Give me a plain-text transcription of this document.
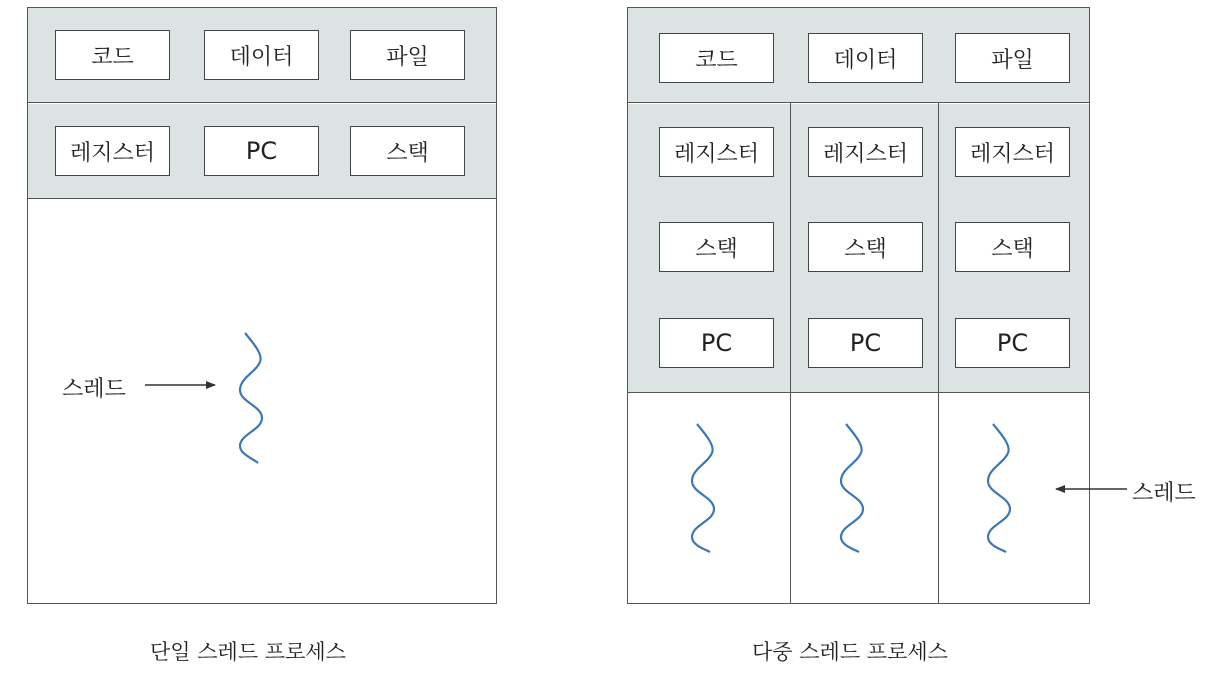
코드	데이터	파일
레지스터	PC	스택
스레드
단일 스레드 프로세스
코드	데이터	파일
레지스터
스택
PC
레지스터
스택
PC
레지스터
스택
PC
스레드
다중 스레드 프로세스
